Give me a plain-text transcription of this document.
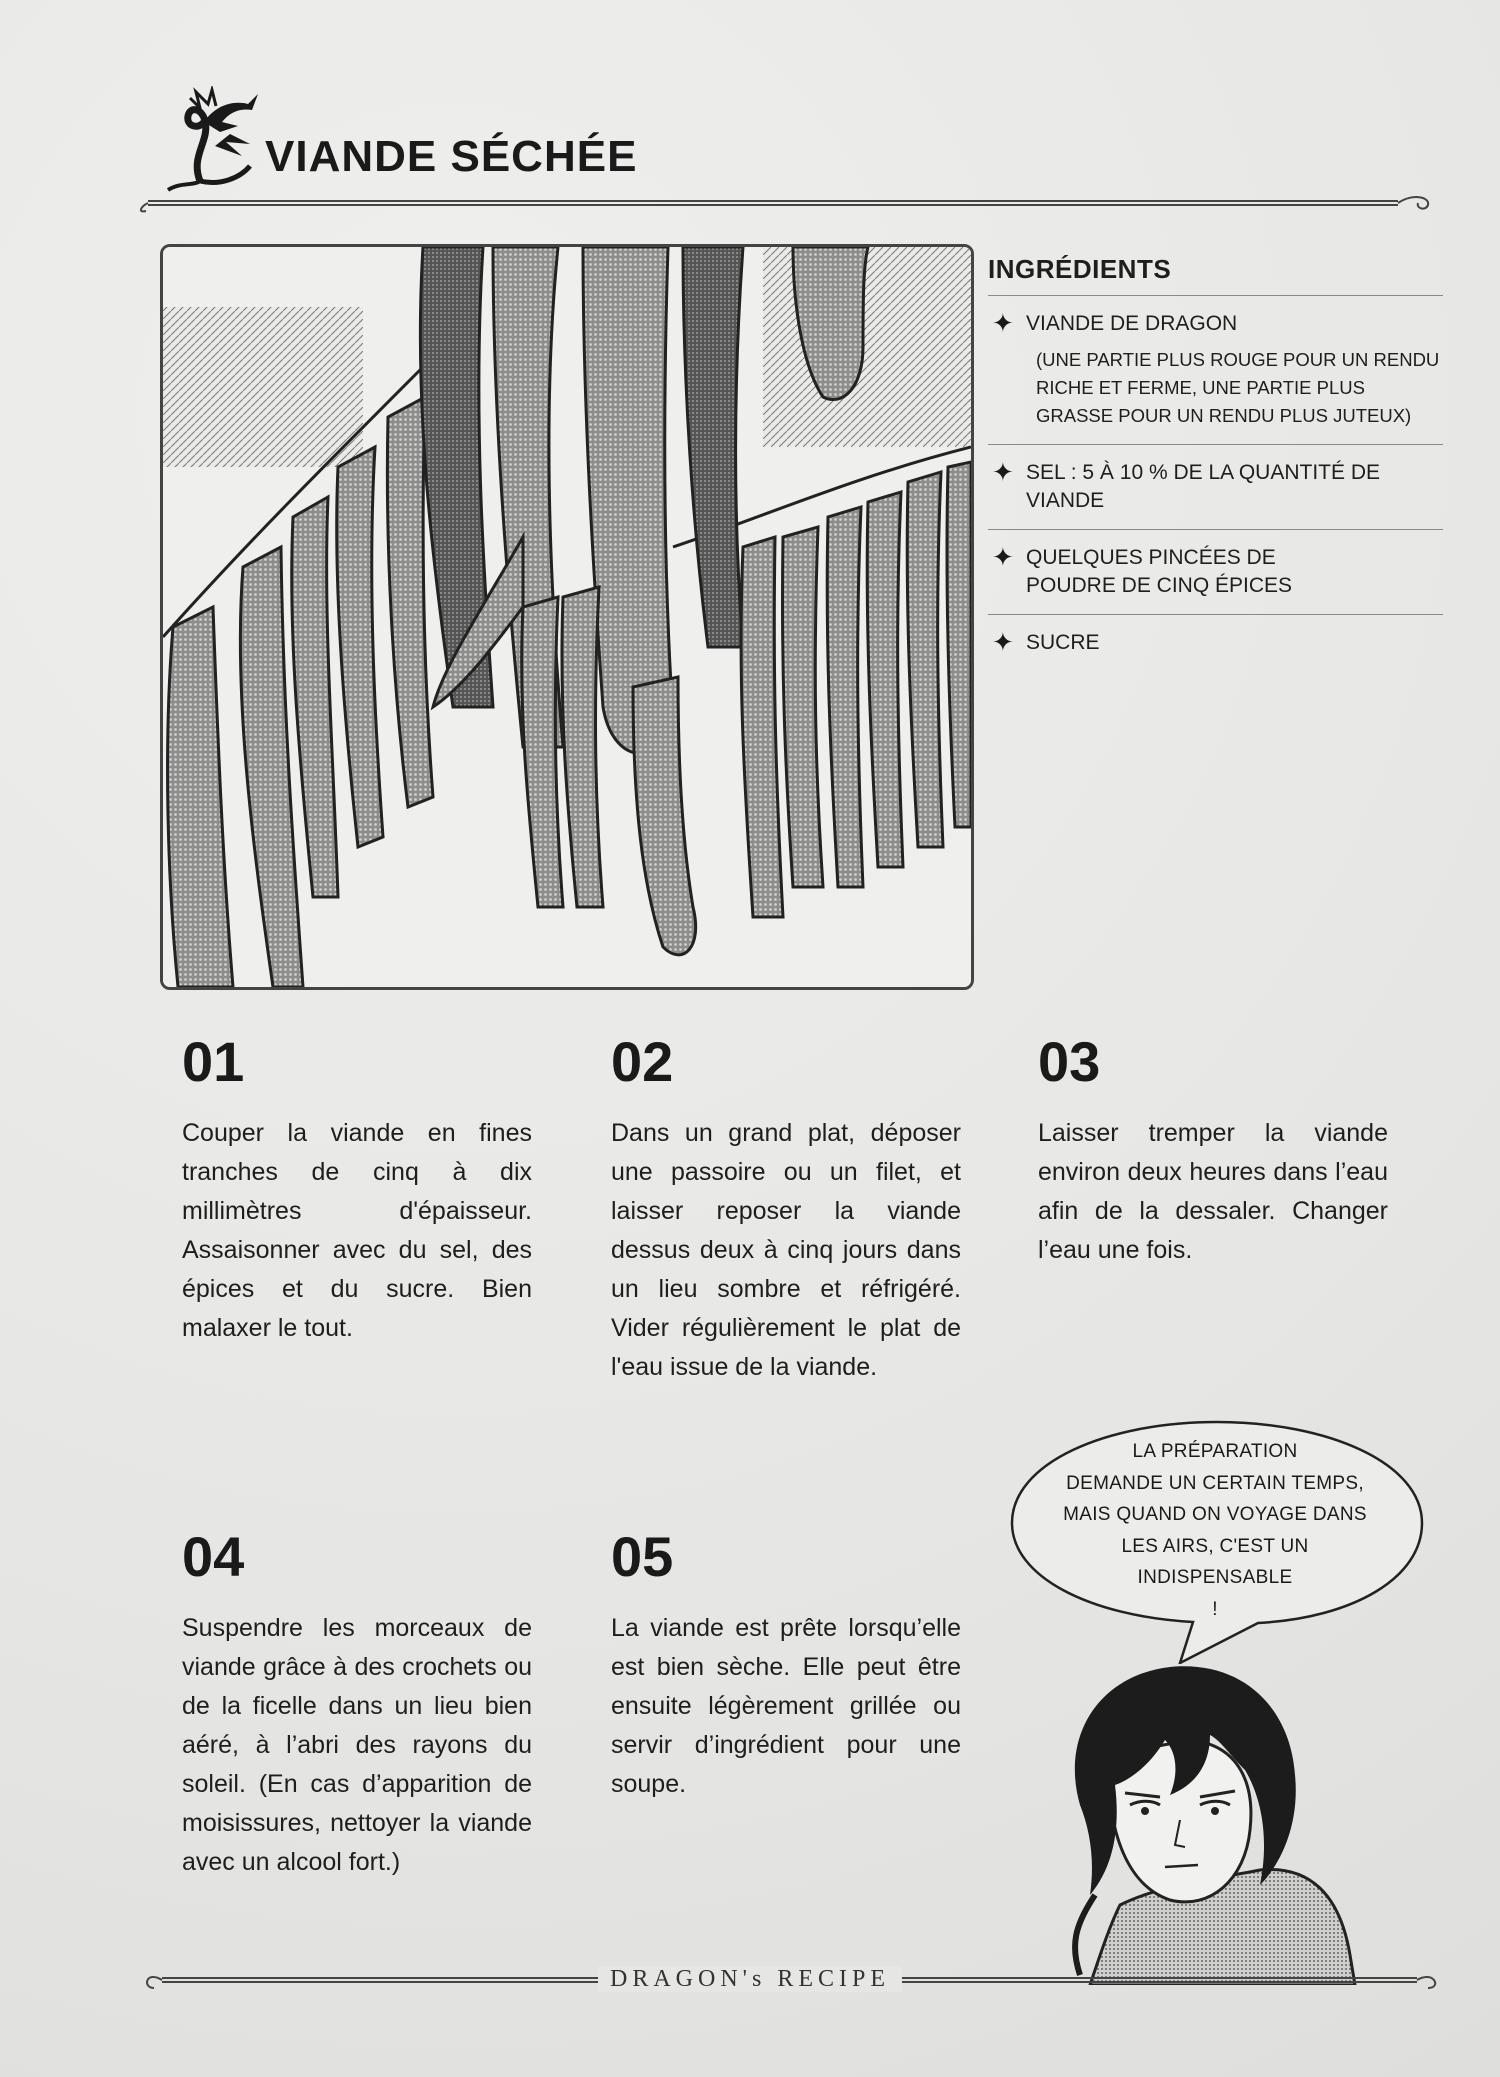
VIANDE SÉCHÉE
INGRÉDIENTS
✦ VIANDE DE DRAGON
(UNE PARTIE PLUS ROUGE POUR UN RENDU RICHE ET FERME, UNE PARTIE PLUS GRASSE POUR UN RENDU PLUS JUTEUX)
✦ SEL : 5 À 10 % DE LA QUANTITÉ DE VIANDE
✦ QUELQUES PINCÉES DE POUDRE DE CINQ ÉPICES
✦ SUCRE
01
Couper la viande en fines tranches de cinq à dix millimètres d'épaisseur. Assaisonner avec du sel, des épices et du sucre. Bien malaxer le tout.
02
Dans un grand plat, déposer une passoire ou un filet, et laisser reposer la viande dessus deux à cinq jours dans un lieu sombre et réfrigéré. Vider régulièrement le plat de l'eau issue de la viande.
03
Laisser tremper la viande environ deux heures dans l’eau afin de la dessaler. Changer l’eau une fois.
04
Suspendre les morceaux de viande grâce à des crochets ou de la ficelle dans un lieu bien aéré, à l’abri des rayons du soleil. (En cas d’apparition de moisissures, nettoyer la viande avec un alcool fort.)
05
La viande est prête lorsqu’elle est bien sèche. Elle peut être ensuite légèrement grillée ou servir d’ingrédient pour une soupe.
LA PRÉPARATION
DEMANDE UN CERTAIN TEMPS,
MAIS QUAND ON VOYAGE DANS
LES AIRS, C'EST UN
INDISPENSABLE
!
DRAGON's RECIPE
